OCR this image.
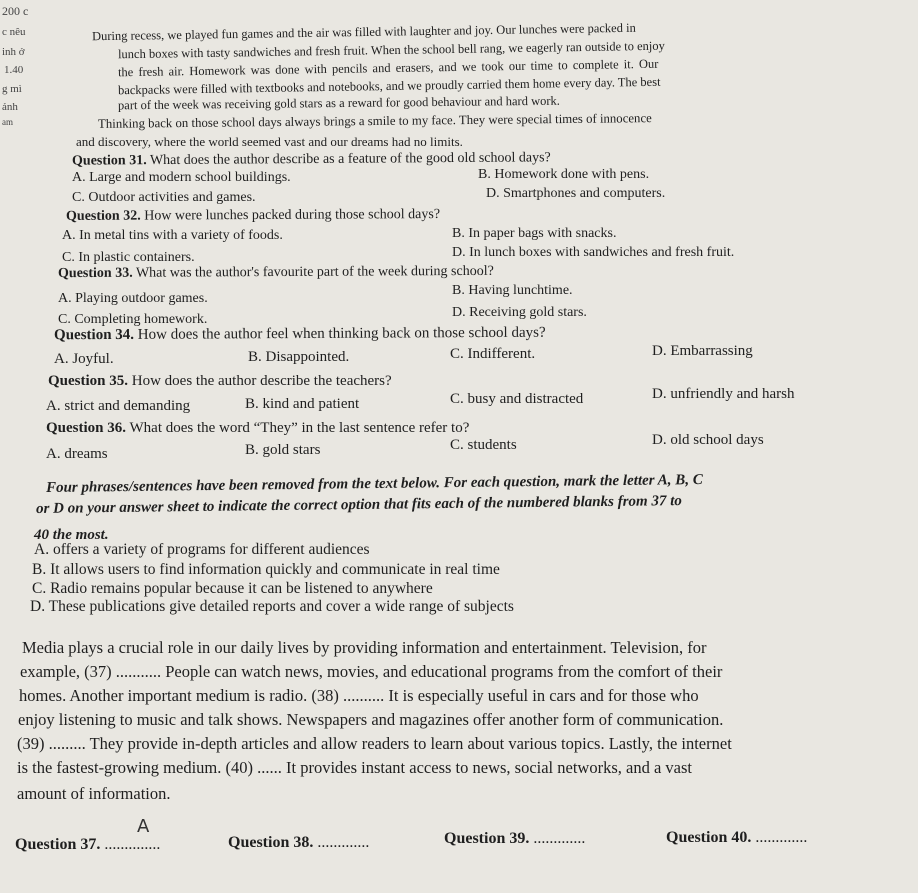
200 c
c nêu
inh ở
1.40
g mì
ảnh
am
During recess, we played fun games and the air was filled with laughter and joy. Our lunches were packed in
lunch boxes with tasty sandwiches and fresh fruit. When the school bell rang, we eagerly ran outside to enjoy
the fresh air. Homework was done with pencils and erasers, and we took our time to complete it. Our
backpacks were filled with textbooks and notebooks, and we proudly carried them home every day. The best
part of the week was receiving gold stars as a reward for good behaviour and hard work.
Thinking back on those school days always brings a smile to my face. They were special times of innocence
and discovery, where the world seemed vast and our dreams had no limits.
Question 31. What does the author describe as a feature of the good old school days?
A. Large and modern school buildings.	B. Homework done with pens.
C. Outdoor activities and games.	D. Smartphones and computers.
Question 32. How were lunches packed during those school days?
A. In metal tins with a variety of foods.	B. In paper bags with snacks.
C. In plastic containers.	D. In lunch boxes with sandwiches and fresh fruit.
Question 33. What was the author's favourite part of the week during school?
A. Playing outdoor games.
B. Having lunchtime.
C. Completing homework.	D. Receiving gold stars.
Question 34. How does the author feel when thinking back on those school days?
A. Joyful.	B. Disappointed.	C. Indifferent.	D. Embarrassing
Question 35. How does the author describe the teachers?
A. strict and demanding	B. kind and patient	C. busy and distracted	D. unfriendly and harsh
Question 36. What does the word “They” in the last sentence refer to?
A. dreams	B. gold stars	C. students	D. old school days
Four phrases/sentences have been removed from the text below. For each question, mark the letter A, B, C
or D on your answer sheet to indicate the correct option that fits each of the numbered blanks from 37 to
40 the most.
A. offers a variety of programs for different audiences
B. It allows users to find information quickly and communicate in real time
C. Radio remains popular because it can be listened to anywhere
D. These publications give detailed reports and cover a wide range of subjects
Media plays a crucial role in our daily lives by providing information and entertainment. Television, for
example, (37) ........... People can watch news, movies, and educational programs from the comfort of their
homes. Another important medium is radio. (38) .......... It is especially useful in cars and for those who
enjoy listening to music and talk shows. Newspapers and magazines offer another form of communication.
(39) ......... They provide in-depth articles and allow readers to learn about various topics. Lastly, the internet
is the fastest-growing medium. (40) ...... It provides instant access to news, social networks, and a vast
amount of information.
Question 37. ..............
A
Question 38. .............	Question 39. .............	Question 40. .............
